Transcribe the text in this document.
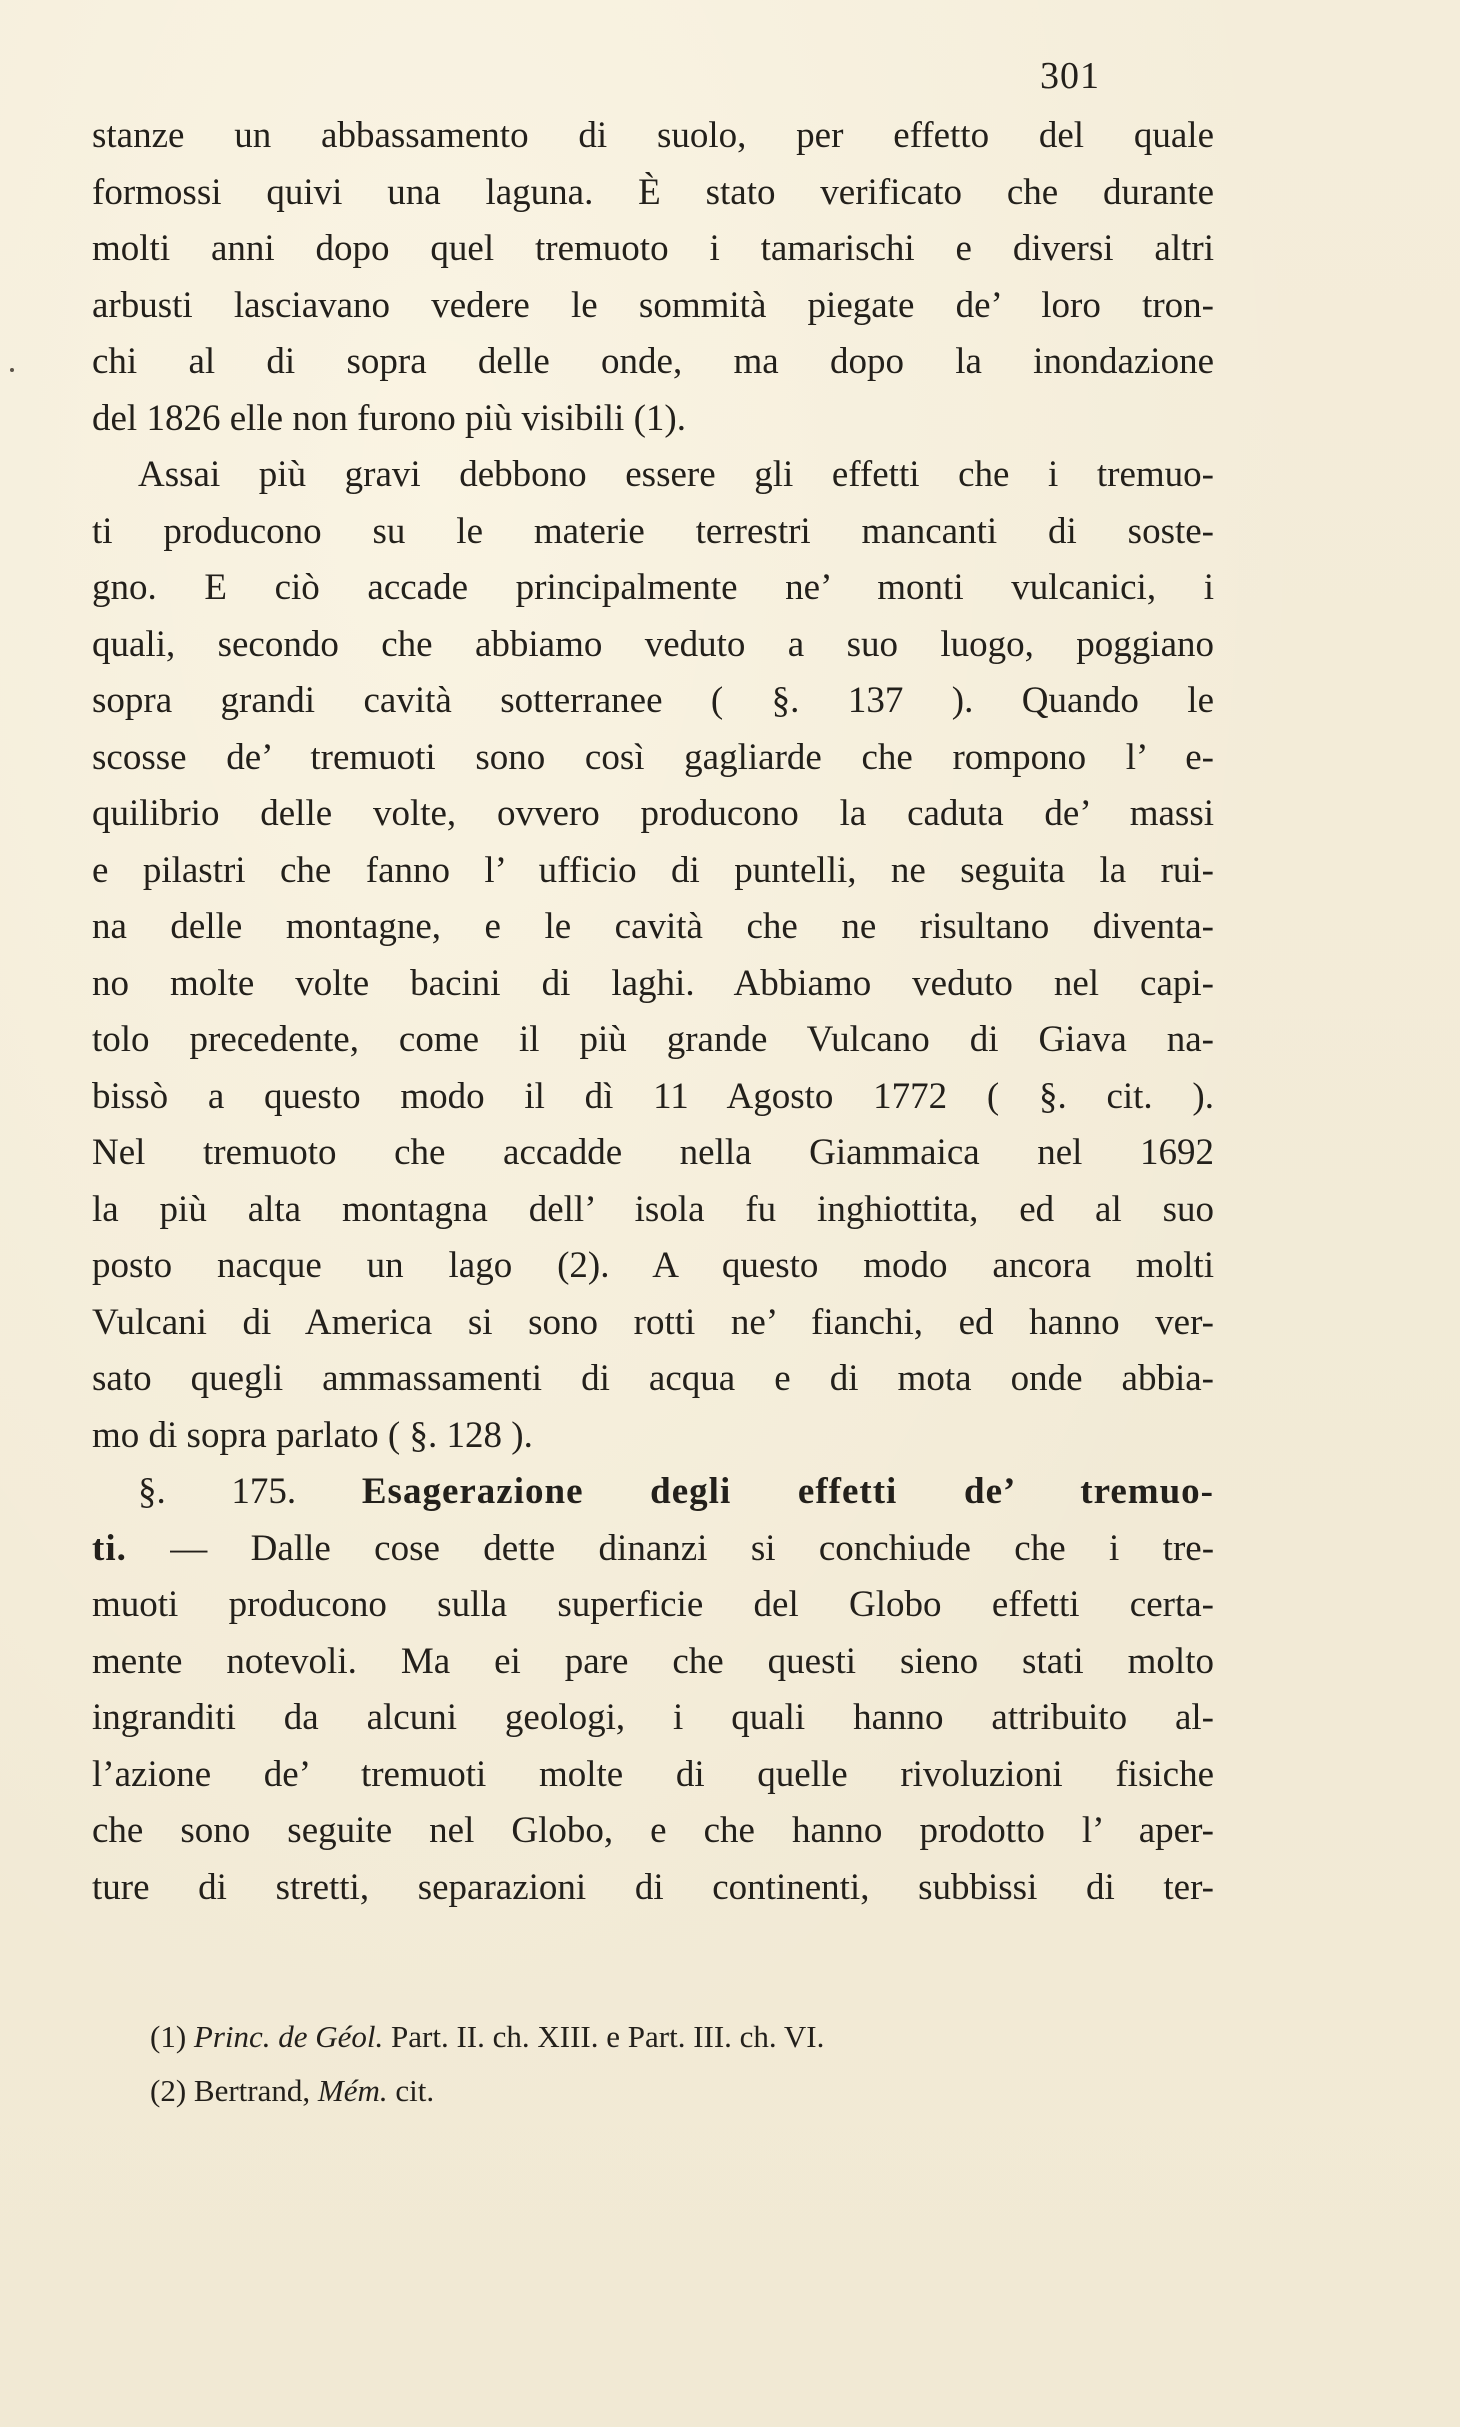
301
stanze un abbassamento di suolo, per effetto del quale
formossi quivi una laguna. È stato verificato che durante
molti anni dopo quel tremuoto i tamarischi e diversi altri
arbusti lasciavano vedere le sommità piegate de’ loro tron-
chi al di sopra delle onde, ma dopo la inondazione
del 1826 elle non furono più visibili (1).
Assai più gravi debbono essere gli effetti che i tremuo-
ti producono su le materie terrestri mancanti di soste-
gno. E ciò accade principalmente ne’ monti vulcanici, i
quali, secondo che abbiamo veduto a suo luogo, poggiano
sopra grandi cavità sotterranee ( §. 137 ). Quando le
scosse de’ tremuoti sono così gagliarde che rompono l’ e-
quilibrio delle volte, ovvero producono la caduta de’ massi
e pilastri che fanno l’ ufficio di puntelli, ne seguita la rui-
na delle montagne, e le cavità che ne risultano diventa-
no molte volte bacini di laghi. Abbiamo veduto nel capi-
tolo precedente, come il più grande Vulcano di Giava na-
bissò a questo modo il dì 11 Agosto 1772 ( §. cit. ).
Nel tremuoto che accadde nella Giammaica nel 1692
la più alta montagna dell’ isola fu inghiottita, ed al suo
posto nacque un lago (2). A questo modo ancora molti
Vulcani di America si sono rotti ne’ fianchi, ed hanno ver-
sato quegli ammassamenti di acqua e di mota onde abbia-
mo di sopra parlato ( §. 128 ).
§. 175. Esagerazione degli effetti de’ tremuo-
ti. — Dalle cose dette dinanzi si conchiude che i tre-
muoti producono sulla superficie del Globo effetti certa-
mente notevoli. Ma ei pare che questi sieno stati molto
ingranditi da alcuni geologi, i quali hanno attribuito al-
l’azione de’ tremuoti molte di quelle rivoluzioni fisiche
che sono seguite nel Globo, e che hanno prodotto l’ aper-
ture di stretti, separazioni di continenti, subbissi di ter-
(1) Princ. de Géol. Part. II. ch. XIII. e Part. III. ch. VI.
(2) Bertrand, Mém. cit.
